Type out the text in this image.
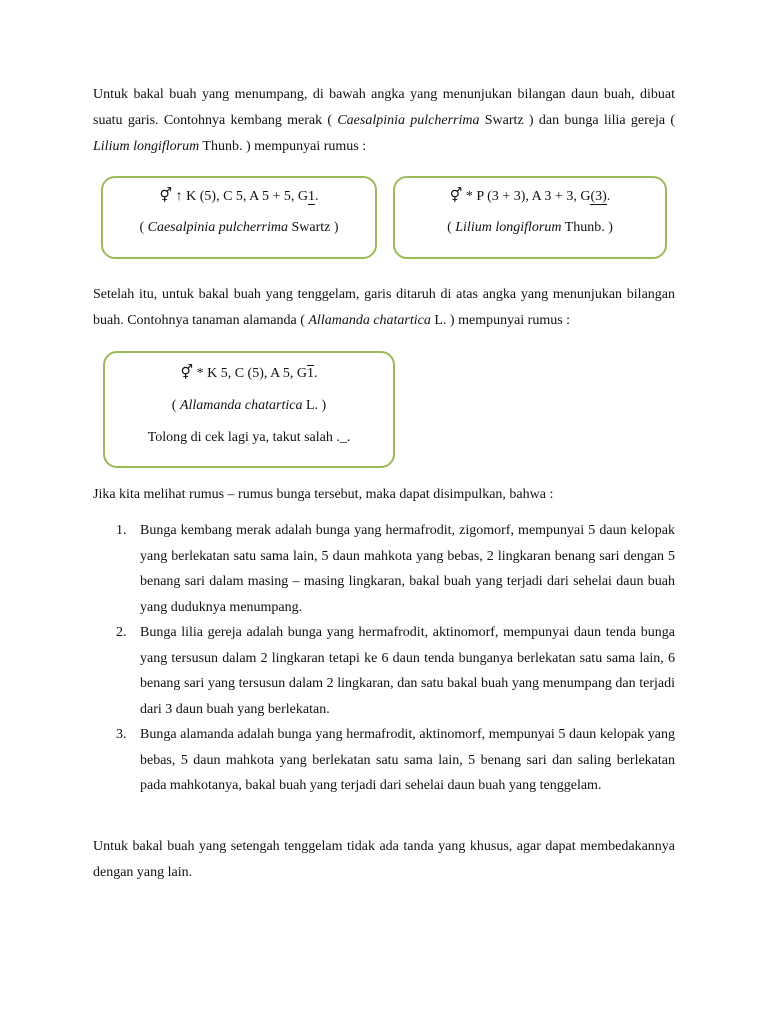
Untuk bakal buah yang menumpang, di bawah angka yang menunjukan bilangan daun buah, dibuat suatu garis. Contohnya kembang merak ( Caesalpinia pulcherrima Swartz ) dan bunga lilia gereja ( Lilium longiflorum Thunb. ) mempunyai rumus :

⚥ ↑ K (5), C 5, A 5 + 5, G1.
( Caesalpinia pulcherrima Swartz )
⚥ * P (3 + 3), A 3 + 3, G(3).
( Lilium longiflorum Thunb. )

Setelah itu, untuk bakal buah yang tenggelam, garis ditaruh di atas angka yang menunjukan bilangan buah. Contohnya tanaman alamanda ( Allamanda chatartica L. ) mempunyai rumus :

⚥ * K 5, C (5), A 5, G1.
( Allamanda chatartica L. )
Tolong di cek lagi ya, takut salah ._.

Jika kita melihat rumus – rumus bunga tersebut, maka dapat disimpulkan, bahwa :

1. Bunga kembang merak adalah bunga yang hermafrodit, zigomorf, mempunyai 5 daun kelopak yang berlekatan satu sama lain, 5 daun mahkota yang bebas, 2 lingkaran benang sari dengan 5 benang sari dalam masing – masing lingkaran, bakal buah yang terjadi dari sehelai daun buah yang duduknya menumpang.
2. Bunga lilia gereja adalah bunga yang hermafrodit, aktinomorf, mempunyai daun tenda bunga yang tersusun dalam 2 lingkaran tetapi ke 6 daun tenda bunganya berlekatan satu sama lain, 6 benang sari yang tersusun dalam 2 lingkaran, dan satu bakal buah yang menumpang dan terjadi dari 3 daun buah yang berlekatan.
3. Bunga alamanda adalah bunga yang hermafrodit, aktinomorf, mempunyai 5 daun kelopak yang bebas, 5 daun mahkota yang berlekatan satu sama lain, 5 benang sari dan saling berlekatan pada mahkotanya, bakal buah yang terjadi dari sehelai daun buah yang tenggelam.

Untuk bakal buah yang setengah tenggelam tidak ada tanda yang khusus, agar dapat membedakannya dengan yang lain.
